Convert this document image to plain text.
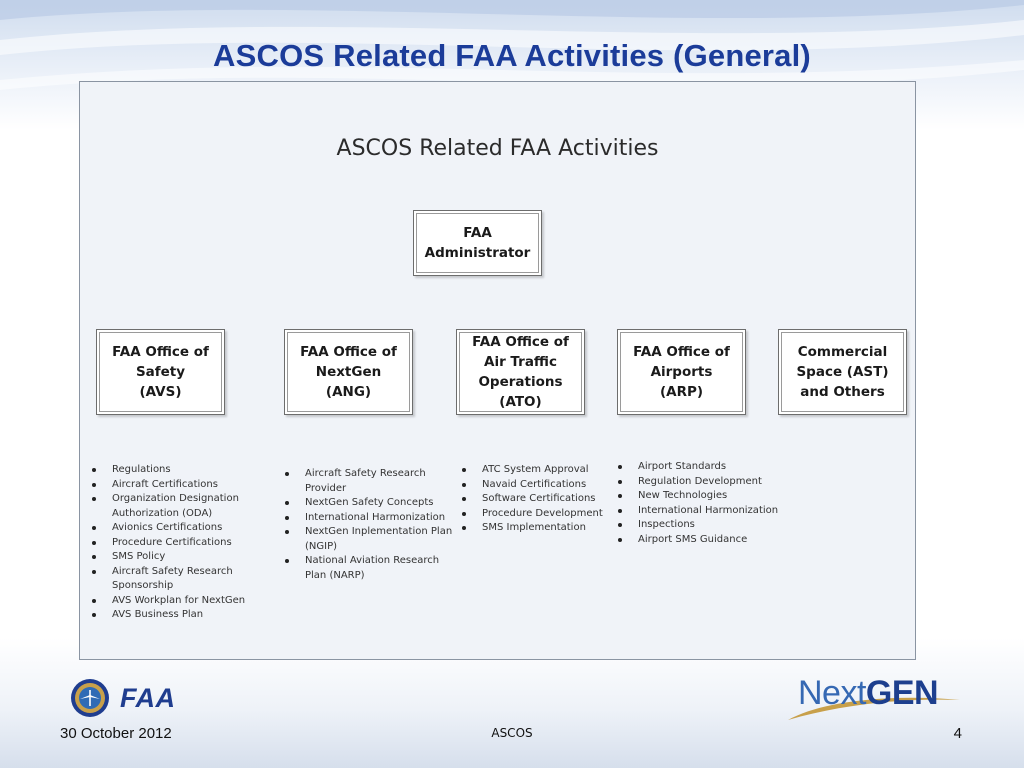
ASCOS Related FAA Activities (General)
ASCOS Related FAA Activities
FAA
Administrator
FAA Office of
Safety
(AVS)
FAA Office of
NextGen
(ANG)
FAA Office of
Air Traffic
Operations
(ATO)
FAA Office of
Airports
(ARP)
Commercial
Space (AST)
and Others
Regulations
Aircraft Certifications
Organization Designation Authorization (ODA)
Avionics Certifications
Procedure Certifications
SMS Policy
Aircraft Safety Research Sponsorship
AVS Workplan for NextGen
AVS Business Plan
Aircraft Safety Research Provider
NextGen Safety Concepts
International Harmonization
NextGen Inplementation Plan (NGIP)
National Aviation Research Plan (NARP)
ATC System Approval
Navaid Certifications
Software Certifications
Procedure Development
SMS Implementation
Airport Standards
Regulation Development
New Technologies
International Harmonization
Inspections
Airport SMS Guidance
FAA	NextGEN
30 October 2012	ASCOS	4
